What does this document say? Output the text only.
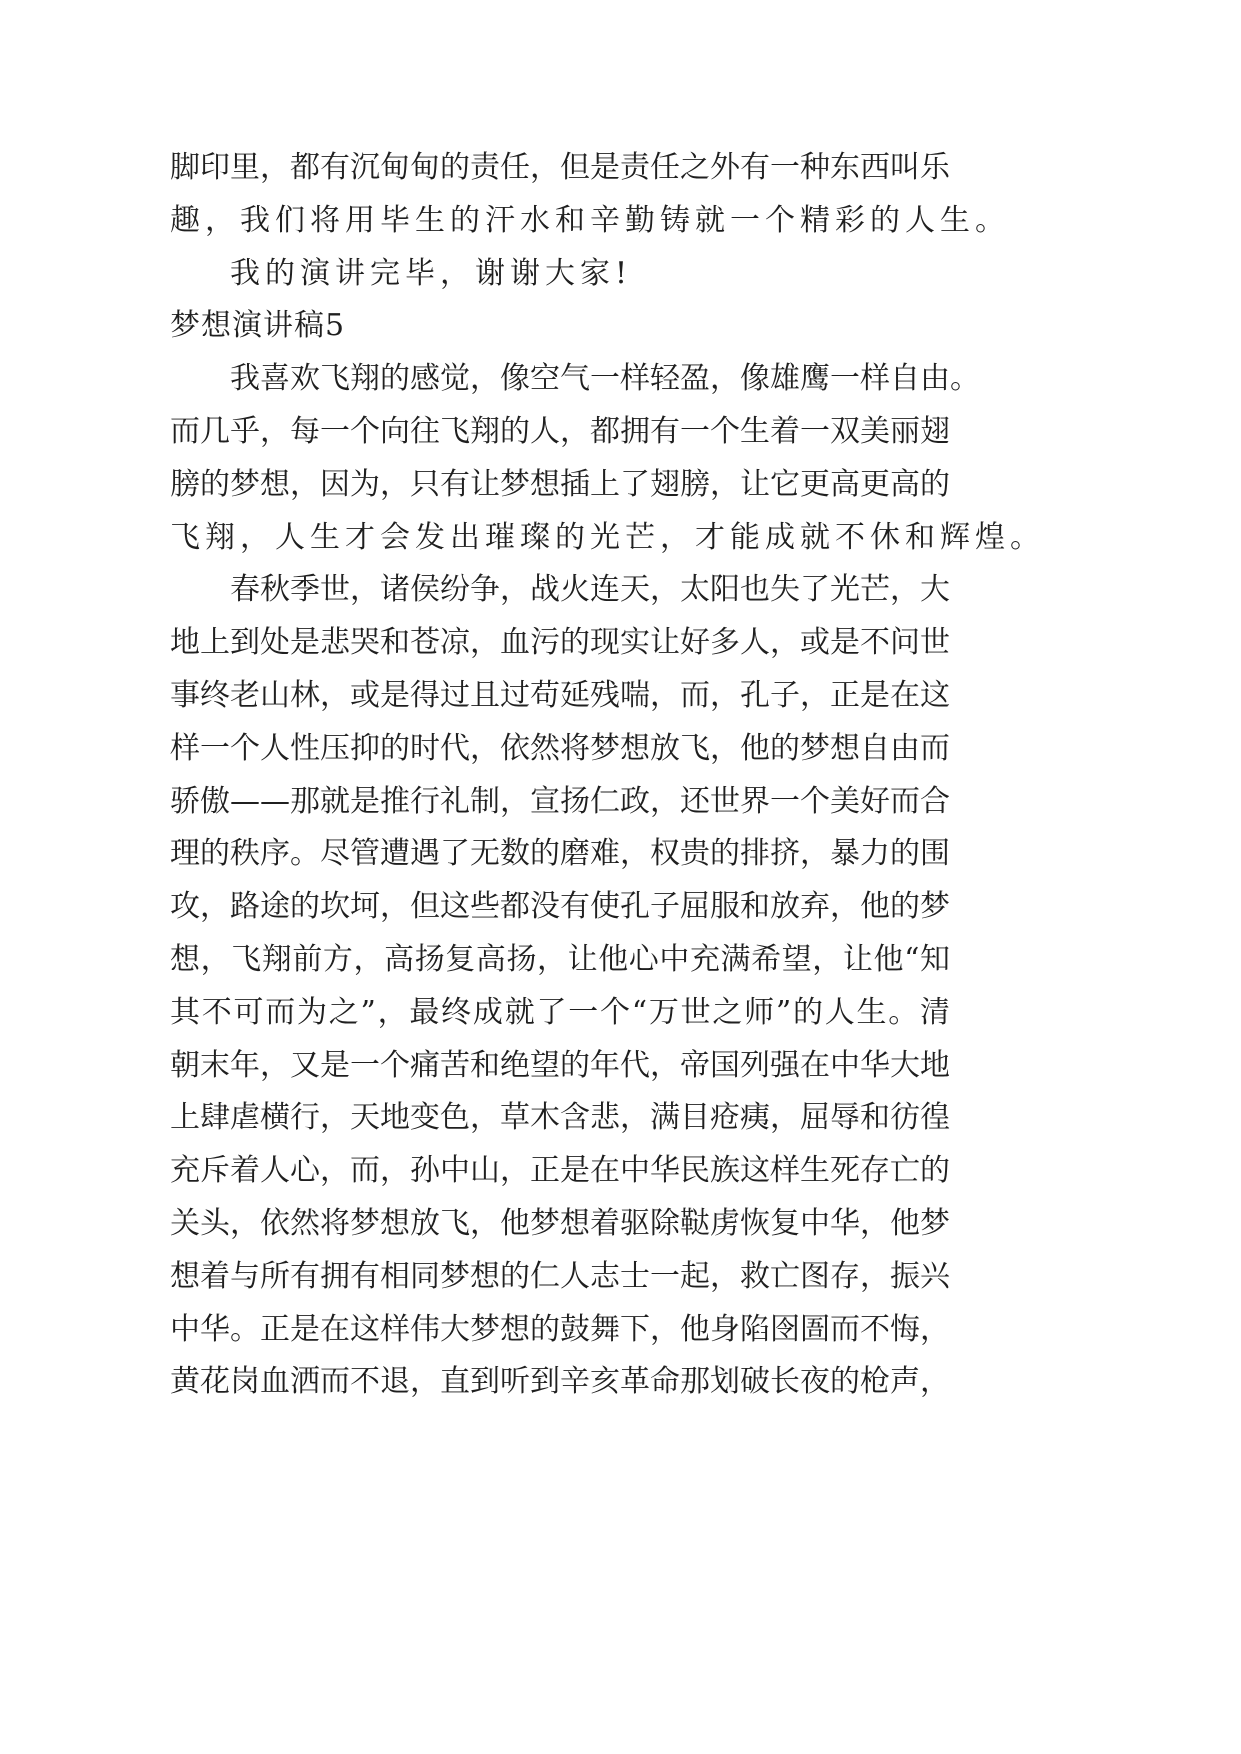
脚印里，都有沉甸甸的责任，但是责任之外有一种东西叫乐
趣，我们将用毕生的汗水和辛勤铸就一个精彩的人生。
我的演讲完毕，谢谢大家!
梦想演讲稿5
我喜欢飞翔的感觉，像空气一样轻盈，像雄鹰一样自由。
而几乎，每一个向往飞翔的人，都拥有一个生着一双美丽翅
膀的梦想，因为，只有让梦想插上了翅膀，让它更高更高的
飞翔，人生才会发出璀璨的光芒，才能成就不休和辉煌。
春秋季世，诸侯纷争，战火连天，太阳也失了光芒，大
地上到处是悲哭和苍凉，血污的现实让好多人，或是不问世
事终老山林，或是得过且过苟延残喘，而，孔子，正是在这
样一个人性压抑的时代，依然将梦想放飞，他的梦想自由而
骄傲——那就是推行礼制，宣扬仁政，还世界一个美好而合
理的秩序。尽管遭遇了无数的磨难，权贵的排挤，暴力的围
攻，路途的坎坷，但这些都没有使孔子屈服和放弃，他的梦
想，飞翔前方，高扬复高扬，让他心中充满希望，让他“知
其不可而为之”，最终成就了一个“万世之师”的人生。清
朝末年，又是一个痛苦和绝望的年代，帝国列强在中华大地
上肆虐横行，天地变色，草木含悲，满目疮痍，屈辱和彷徨
充斥着人心，而，孙中山，正是在中华民族这样生死存亡的
关头，依然将梦想放飞，他梦想着驱除鞑虏恢复中华，他梦
想着与所有拥有相同梦想的仁人志士一起，救亡图存，振兴
中华。正是在这样伟大梦想的鼓舞下，他身陷囹圄而不悔，
黄花岗血洒而不退，直到听到辛亥革命那划破长夜的枪声，
